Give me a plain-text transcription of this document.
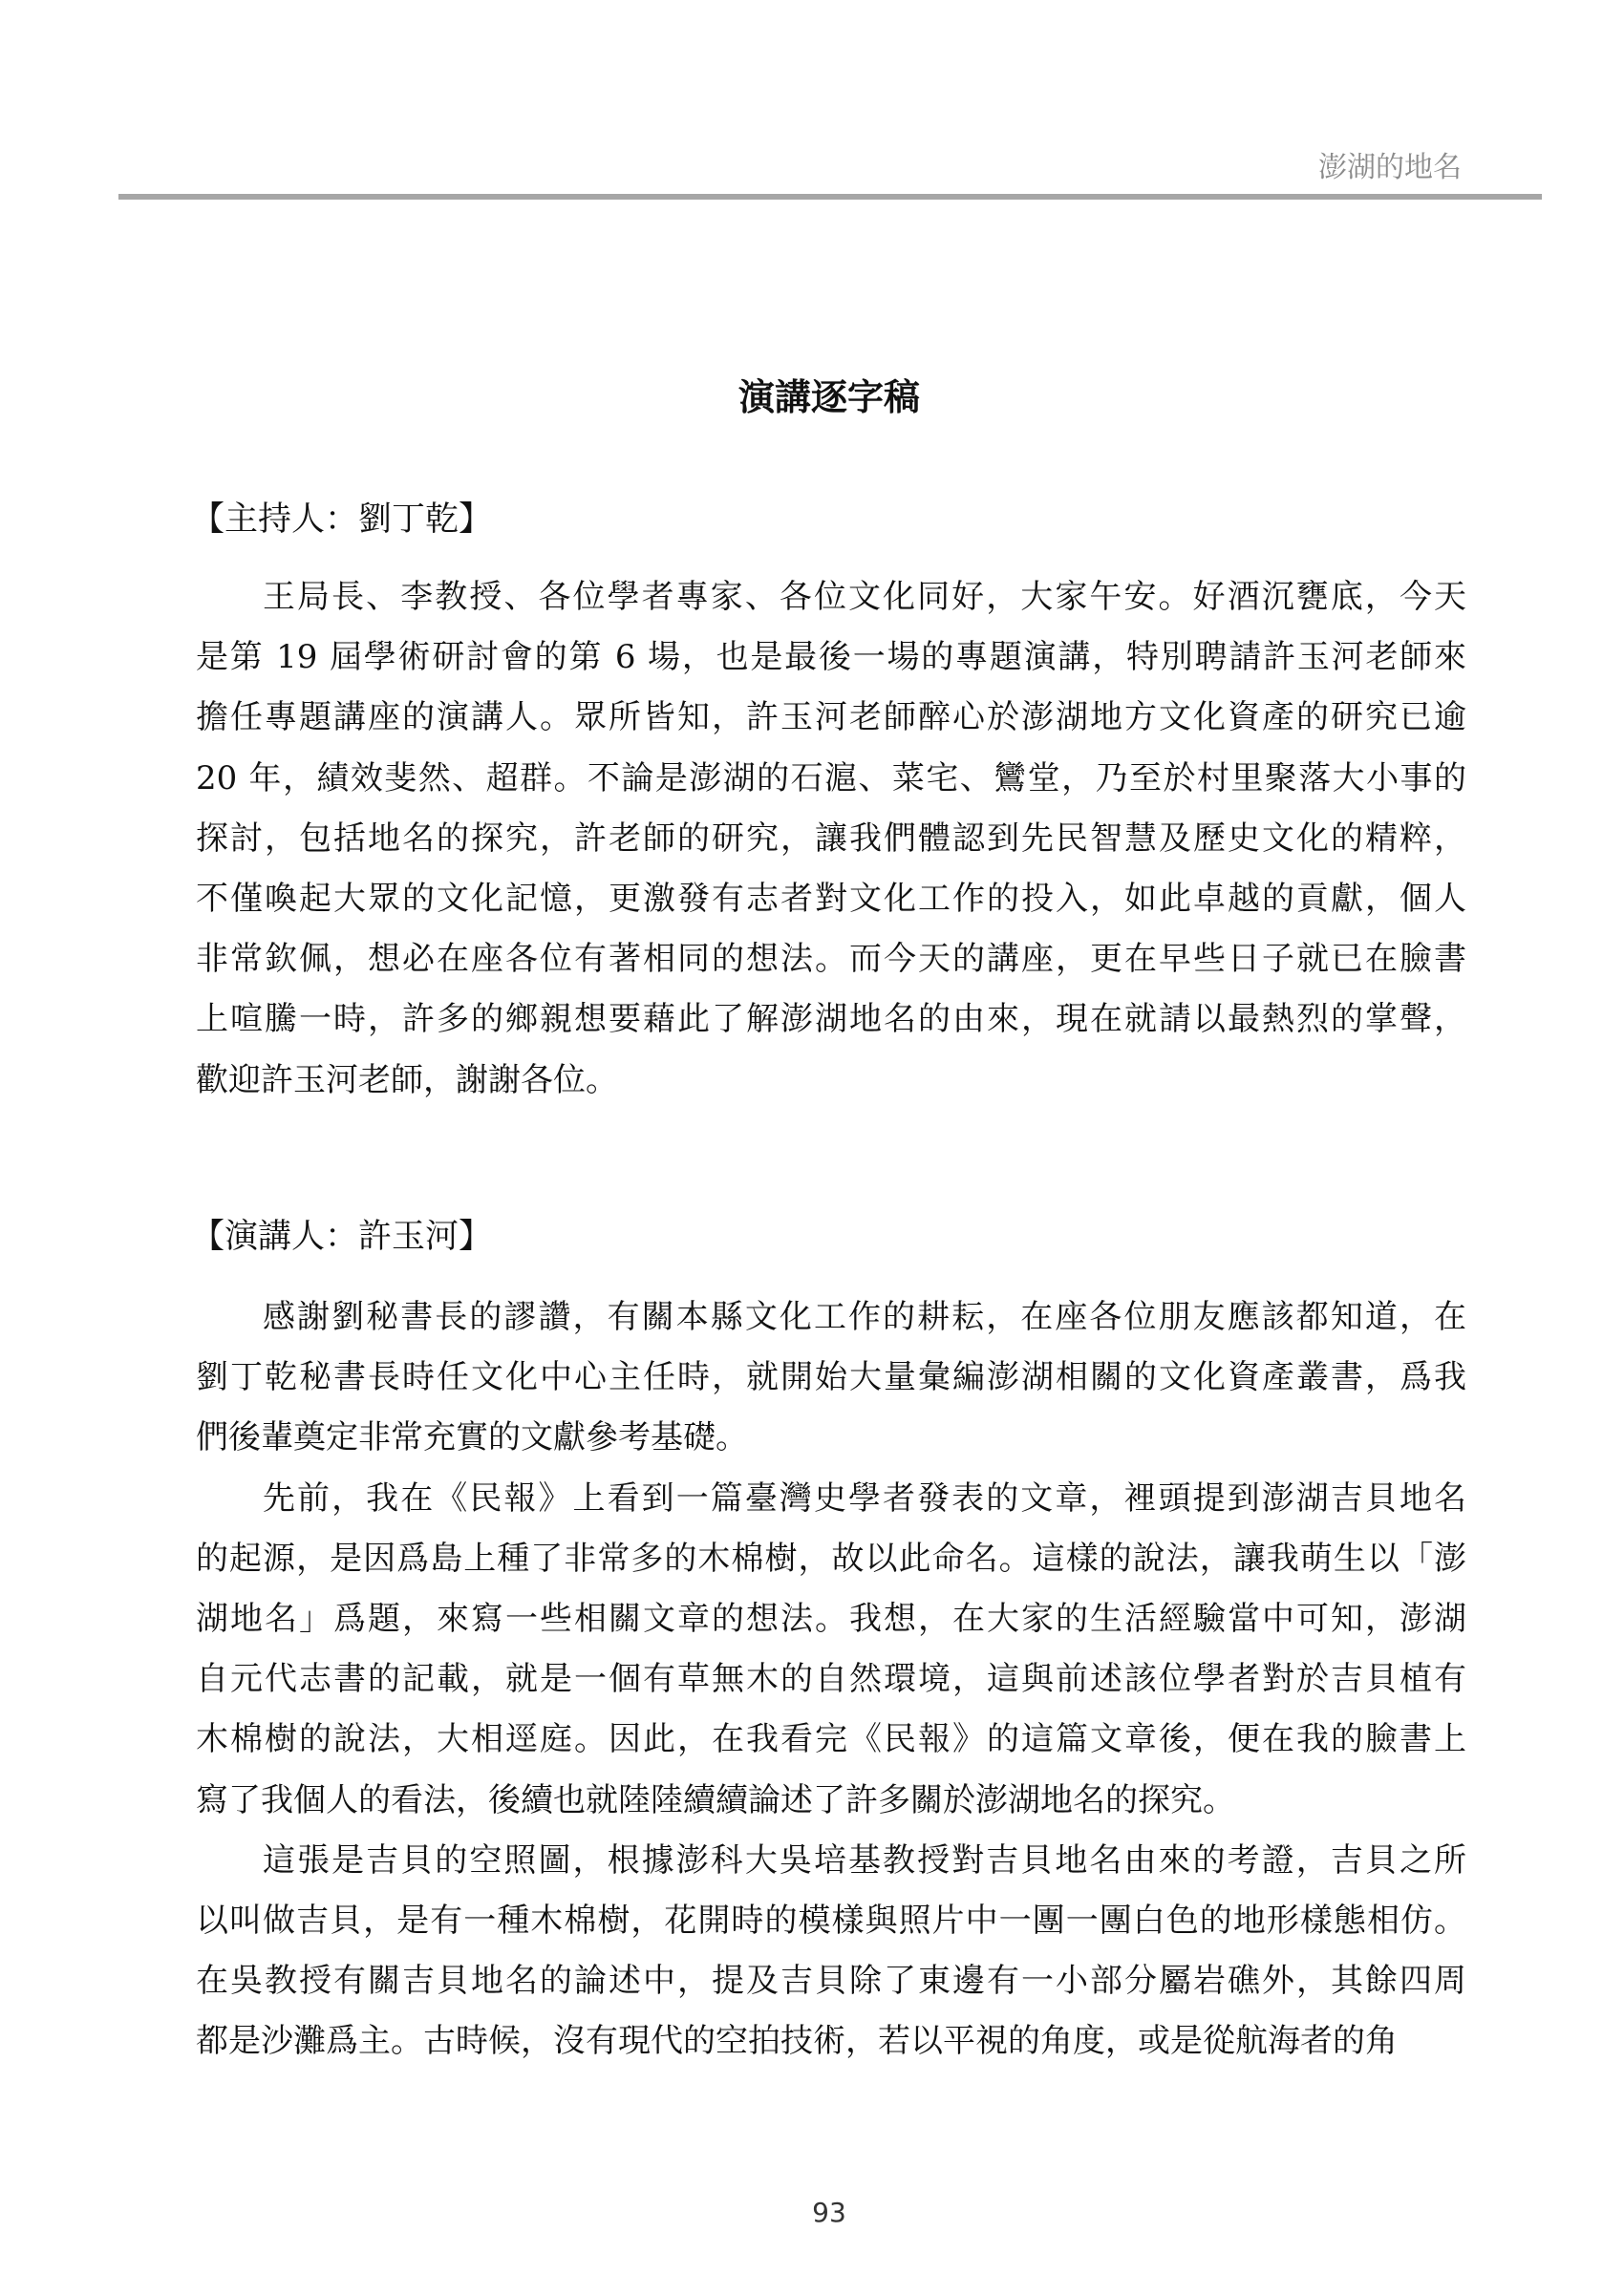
澎湖的地名
演講逐字稿
【主持人：劉丁乾】
王局長、李教授、各位學者專家、各位文化同好，大家午安。好酒沉甕底，今天
是第 19 屆學術研討會的第 6 場，也是最後一場的專題演講，特別聘請許玉河老師來
擔任專題講座的演講人。眾所皆知，許玉河老師醉心於澎湖地方文化資產的研究已逾
20 年，績效斐然、超群。不論是澎湖的石滬、菜宅、鸞堂，乃至於村里聚落大小事的
探討，包括地名的探究，許老師的研究，讓我們體認到先民智慧及歷史文化的精粹，
不僅喚起大眾的文化記憶，更激發有志者對文化工作的投入，如此卓越的貢獻，個人
非常欽佩，想必在座各位有著相同的想法。而今天的講座，更在早些日子就已在臉書
上喧騰一時，許多的鄉親想要藉此了解澎湖地名的由來，現在就請以最熱烈的掌聲，
歡迎許玉河老師，謝謝各位。
【演講人：許玉河】
感謝劉秘書長的謬讚，有關本縣文化工作的耕耘，在座各位朋友應該都知道，在
劉丁乾秘書長時任文化中心主任時，就開始大量彙編澎湖相關的文化資產叢書，爲我
們後輩奠定非常充實的文獻參考基礎。
先前，我在《民報》上看到一篇臺灣史學者發表的文章，裡頭提到澎湖吉貝地名
的起源，是因爲島上種了非常多的木棉樹，故以此命名。這樣的說法，讓我萌生以「澎
湖地名」爲題，來寫一些相關文章的想法。我想，在大家的生活經驗當中可知，澎湖
自元代志書的記載，就是一個有草無木的自然環境，這與前述該位學者對於吉貝植有
木棉樹的說法，大相逕庭。因此，在我看完《民報》的這篇文章後，便在我的臉書上
寫了我個人的看法，後續也就陸陸續續論述了許多關於澎湖地名的探究。
這張是吉貝的空照圖，根據澎科大吳培基教授對吉貝地名由來的考證，吉貝之所
以叫做吉貝，是有一種木棉樹，花開時的模樣與照片中一團一團白色的地形樣態相仿。
在吳教授有關吉貝地名的論述中，提及吉貝除了東邊有一小部分屬岩礁外，其餘四周
都是沙灘爲主。古時候，沒有現代的空拍技術，若以平視的角度，或是從航海者的角
93
